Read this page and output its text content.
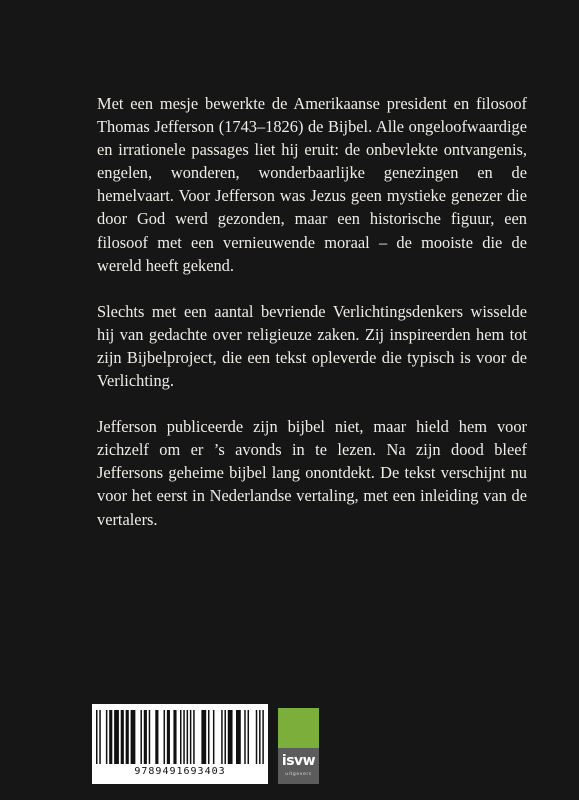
Met een mesje bewerkte de Amerikaanse president en filosoof Thomas Jefferson (1743–1826) de Bijbel. Alle ongeloofwaardige en irrationele passages liet hij eruit: de onbevlekte ontvangenis, engelen, wonderen, wonderbaarlijke genezingen en de hemelvaart. Voor Jefferson was Jezus geen mystieke genezer die door God werd gezonden, maar een historische figuur, een filosoof met een vernieuwende moraal – de mooiste die de wereld heeft gekend.

Slechts met een aantal bevriende Verlichtingsdenkers wisselde hij van gedachte over religieuze zaken. Zij inspireerden hem tot zijn Bijbelproject, die een tekst opleverde die typisch is voor de Verlichting.

Jefferson publiceerde zijn bijbel niet, maar hield hem voor zichzelf om er ’s avonds in te lezen. Na zijn dood bleef Jeffersons geheime bijbel lang onontdekt. De tekst verschijnt nu voor het eerst in Nederlandse vertaling, met een inleiding van de vertalers.

9789491693403
isvw
uitgevers
